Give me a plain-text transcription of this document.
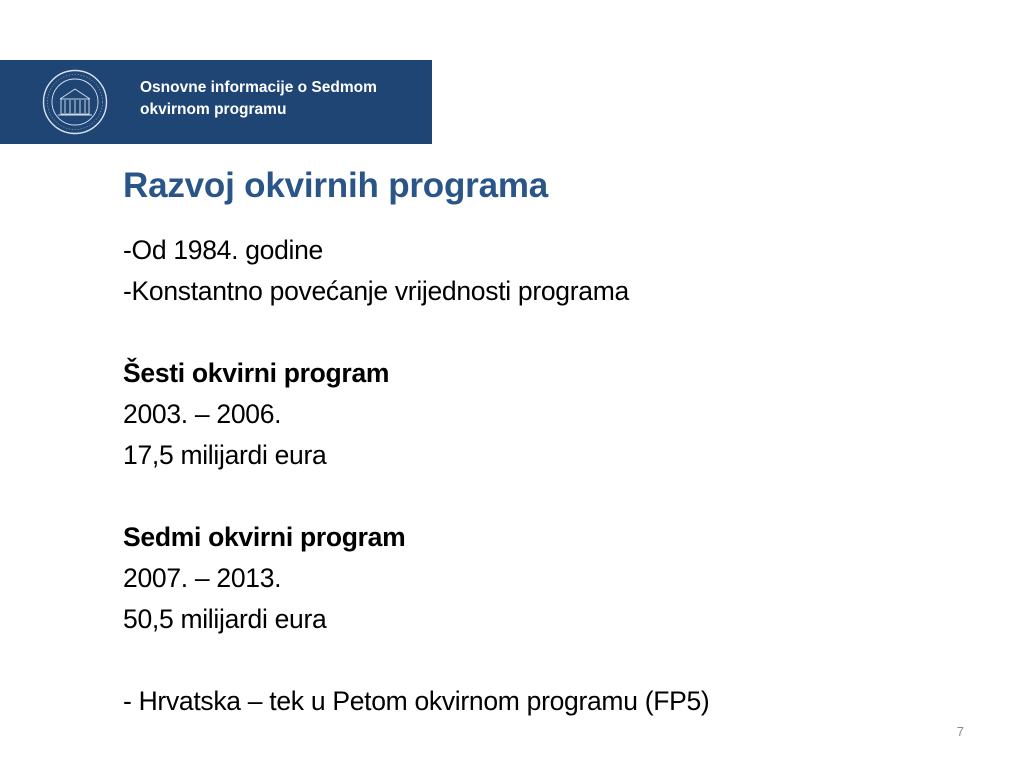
Osnovne informacije o Sedmom
okvirnom programu
Razvoj okvirnih programa
-Od 1984. godine
-Konstantno povećanje vrijednosti programa
Šesti okvirni program
2003. – 2006.
17,5 milijardi eura
Sedmi okvirni program
2007. – 2013.
50,5 milijardi eura
- Hrvatska – tek u Petom okvirnom programu (FP5)
7
